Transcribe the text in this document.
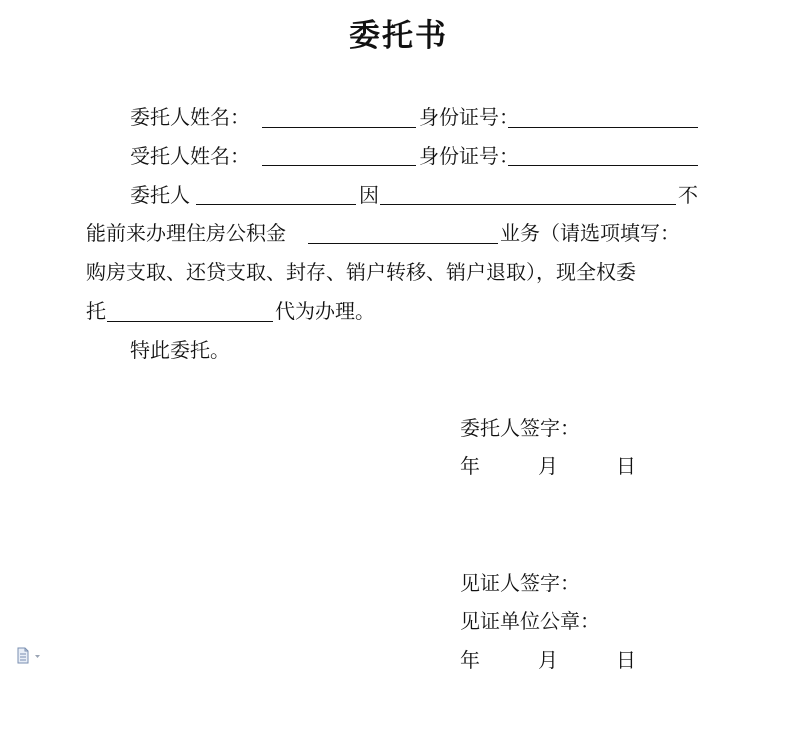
委托书
委托人姓名：	身份证号：
受托人姓名：	身份证号：
委托人	因	不
能前来办理住房公积金	业务（请选项填写：
购房支取、还贷支取、封存、销户转移、销户退取），现全权委
托	代为办理。
特此委托。
委托人签字：
年	月	日
见证人签字：
见证单位公章：
年	月	日
